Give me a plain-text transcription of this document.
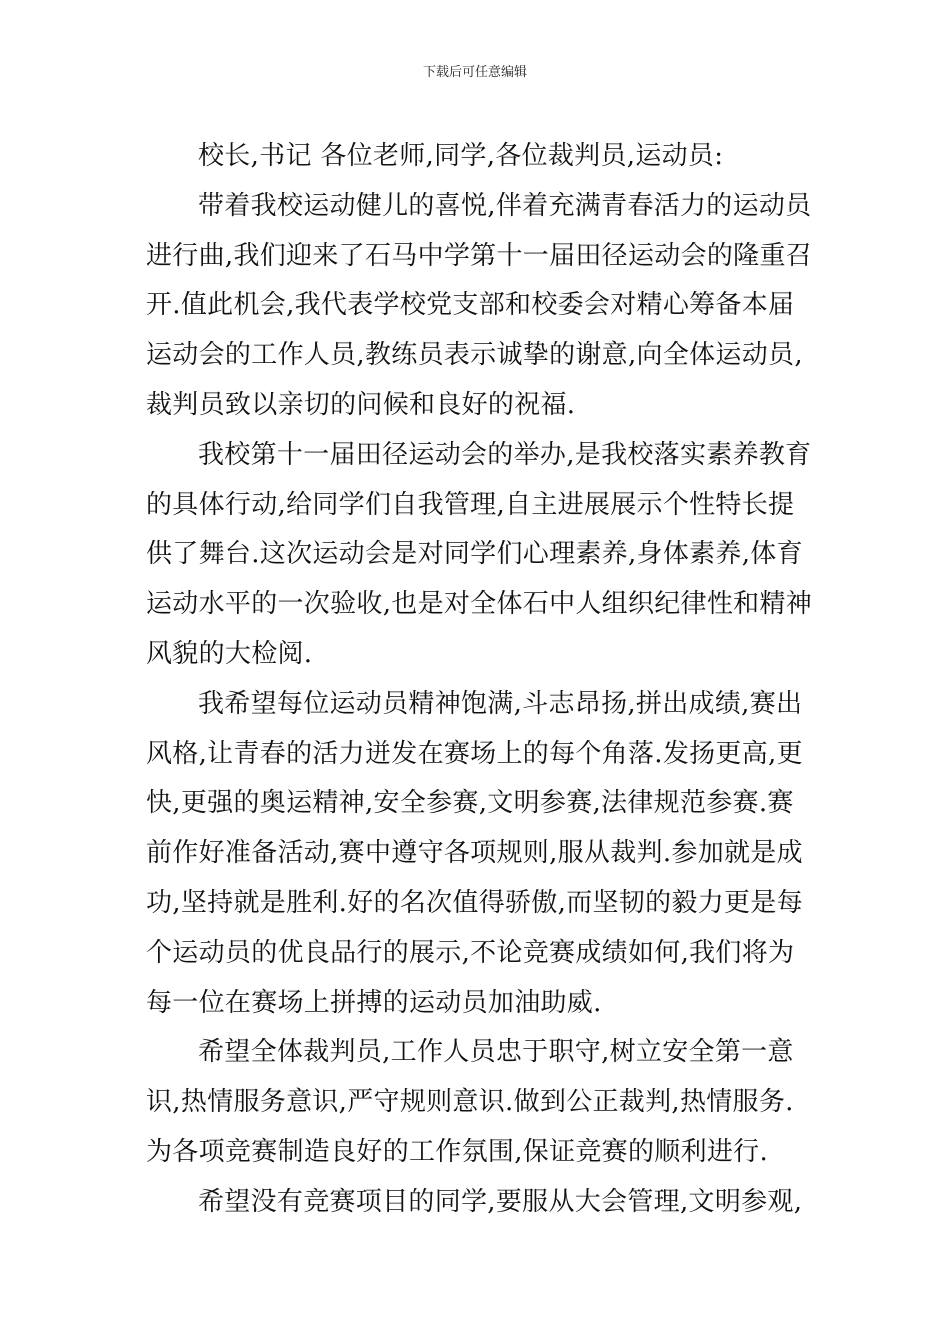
下载后可任意编辑

校长,书记 各位老师,同学,各位裁判员,运动员:

带着我校运动健儿的喜悦,伴着充满青春活力的运动员
进行曲,我们迎来了石马中学第十一届田径运动会的隆重召
开.值此机会,我代表学校党支部和校委会对精心筹备本届
运动会的工作人员,教练员表示诚挚的谢意,向全体运动员,
裁判员致以亲切的问候和良好的祝福.

我校第十一届田径运动会的举办,是我校落实素养教育
的具体行动,给同学们自我管理,自主进展展示个性特长提
供了舞台.这次运动会是对同学们心理素养,身体素养,体育
运动水平的一次验收,也是对全体石中人组织纪律性和精神
风貌的大检阅.

我希望每位运动员精神饱满,斗志昂扬,拼出成绩,赛出
风格,让青春的活力迸发在赛场上的每个角落.发扬更高,更
快,更强的奥运精神,安全参赛,文明参赛,法律规范参赛.赛
前作好准备活动,赛中遵守各项规则,服从裁判.参加就是成
功,坚持就是胜利.好的名次值得骄傲,而坚韧的毅力更是每
个运动员的优良品行的展示,不论竞赛成绩如何,我们将为
每一位在赛场上拼搏的运动员加油助威.

希望全体裁判员,工作人员忠于职守,树立安全第一意
识,热情服务意识,严守规则意识.做到公正裁判,热情服务.
为各项竞赛制造良好的工作氛围,保证竞赛的顺利进行.

希望没有竞赛项目的同学,要服从大会管理,文明参观,
